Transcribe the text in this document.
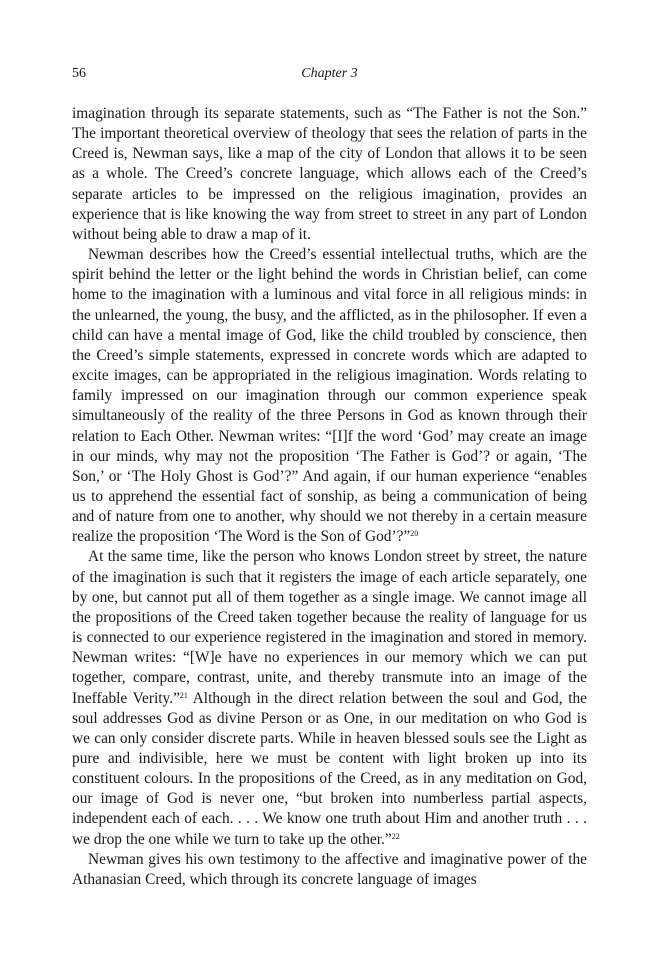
56	Chapter 3

imagination through its separate statements, such as “The Father is not the Son.” The important theoretical overview of theology that sees the relation of parts in the Creed is, Newman says, like a map of the city of London that allows it to be seen as a whole. The Creed’s concrete language, which allows each of the Creed’s separate articles to be impressed on the religious imagination, provides an experience that is like knowing the way from street to street in any part of London without being able to draw a map of it.

Newman describes how the Creed’s essential intellectual truths, which are the spirit behind the letter or the light behind the words in Christian belief, can come home to the imagination with a luminous and vital force in all religious minds: in the unlearned, the young, the busy, and the afflicted, as in the philosopher. If even a child can have a mental image of God, like the child troubled by conscience, then the Creed’s simple statements, expressed in concrete words which are adapted to excite images, can be appropriated in the religious imagination. Words relating to family impressed on our imagination through our common experience speak simultaneously of the reality of the three Persons in God as known through their relation to Each Other. Newman writes: “[I]f the word ‘God’ may create an image in our minds, why may not the proposition ‘The Father is God’? or again, ‘The Son,’ or ‘The Holy Ghost is God’?” And again, if our human experience “enables us to apprehend the essential fact of sonship, as being a communication of being and of nature from one to another, why should we not thereby in a certain measure realize the proposition ‘The Word is the Son of God’?”$^{20}$

At the same time, like the person who knows London street by street, the nature of the imagination is such that it registers the image of each article separately, one by one, but cannot put all of them together as a single image. We cannot image all the propositions of the Creed taken together because the reality of language for us is connected to our experience registered in the imagination and stored in memory. Newman writes: “[W]e have no experiences in our memory which we can put together, compare, contrast, unite, and thereby transmute into an image of the Ineffable Verity.”$^{21}$ Although in the direct relation between the soul and God, the soul addresses God as divine Person or as One, in our meditation on who God is we can only consider discrete parts. While in heaven blessed souls see the Light as pure and indivisible, here we must be content with light broken up into its constituent colours. In the propositions of the Creed, as in any meditation on God, our image of God is never one, “but broken into numberless partial aspects, independent each of each. . . . We know one truth about Him and another truth . . . we drop the one while we turn to take up the other.”$^{22}$

Newman gives his own testimony to the affective and imaginative power of the Athanasian Creed, which through its concrete language of images
